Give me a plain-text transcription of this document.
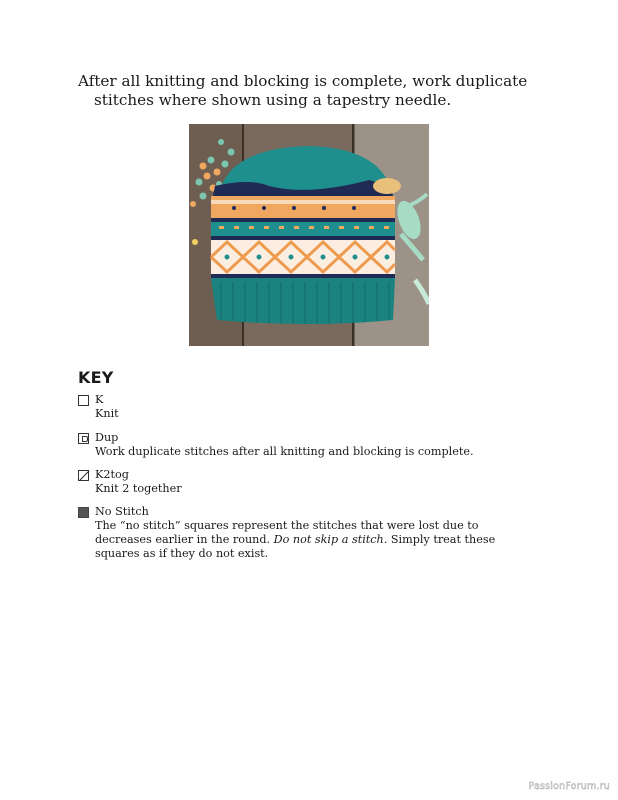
After all knitting and blocking is complete, work duplicate stitches where shown using a tapestry needle.

KEY
K
Knit
Dup
Work duplicate stitches after all knitting and blocking is complete.
K2tog
Knit 2 together
No Stitch
The “no stitch” squares represent the stitches that were lost due to decreases earlier in the round. Do not skip a stitch. Simply treat these squares as if they do not exist.
PassionForum.ru
